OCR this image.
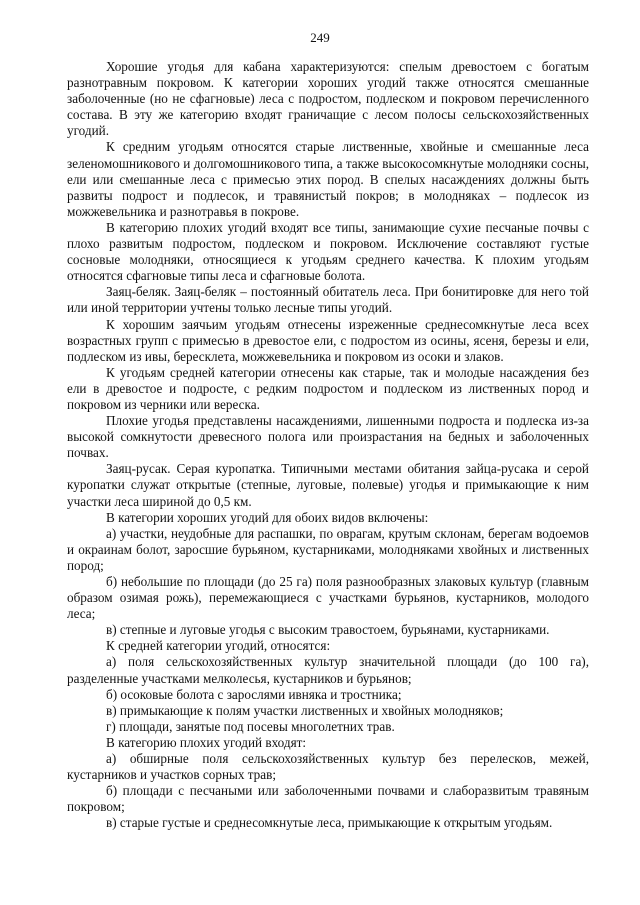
249

Хорошие угодья для кабана характеризуются: спелым древостоем с богатым разнотравным покровом. К категории хороших угодий также относятся смешанные заболоченные (но не сфагновые) леса с подростом, подлеском и покровом перечисленного состава. В эту же категорию входят граничащие с лесом полосы сельскохозяйственных угодий.

К средним угодьям относятся старые лиственные, хвойные и смешанные леса зеленомошникового и долгомошникового типа, а также высокосомкнутые молодняки сосны, ели или смешанные леса с примесью этих пород. В спелых насаждениях должны быть развиты подрост и подлесок, и травянистый покров; в молодняках – подлесок из можжевельника и разнотравья в покрове.

В категорию плохих угодий входят все типы, занимающие сухие песчаные почвы с плохо развитым подростом, подлеском и покровом. Исключение составляют густые сосновые молодняки, относящиеся к угодьям среднего качества. К плохим угодьям относятся сфагновые типы леса и сфагновые болота.

Заяц-беляк. Заяц-беляк – постоянный обитатель леса. При бонитировке для него той или иной территории учтены только лесные типы угодий.

К хорошим заячьим угодьям отнесены изреженные среднесомкнутые леса всех возрастных групп с примесью в древостое ели, с подростом из осины, ясеня, березы и ели, подлеском из ивы, бересклета, можжевельника и покровом из осоки и злаков.

К угодьям средней категории отнесены как старые, так и молодые насаждения без ели в древостое и подросте, с редким подростом и подлеском из лиственных пород и покровом из черники или вереска.

Плохие угодья представлены насаждениями, лишенными подроста и подлеска из-за высокой сомкнутости древесного полога или произрастания на бедных и заболоченных почвах.

Заяц-русак. Серая куропатка. Типичными местами обитания зайца-русака и серой куропатки служат открытые (степные, луговые, полевые) угодья и примыкающие к ним участки леса шириной до 0,5 км.

В категории хороших угодий для обоих видов включены:

а) участки, неудобные для распашки, по оврагам, крутым склонам, берегам водоемов и окраинам болот, заросшие бурьяном, кустарниками, молодняками хвойных и лиственных пород;

б) небольшие по площади (до 25 га) поля разнообразных злаковых культур (главным образом озимая рожь), перемежающиеся с участками бурьянов, кустарников, молодого леса;

в) степные и луговые угодья с высоким травостоем, бурьянами, кустарниками.

К средней категории угодий, относятся:

а) поля сельскохозяйственных культур значительной площади (до 100 га), разделенные участками мелколесья, кустарников и бурьянов;

б) осоковые болота с зарослями ивняка и тростника;

в) примыкающие к полям участки лиственных и хвойных молодняков;

г) площади, занятые под посевы многолетних трав.

В категорию плохих угодий входят:

а) обширные поля сельскохозяйственных культур без перелесков, межей, кустарников и участков сорных трав;

б) площади с песчаными или заболоченными почвами и слаборазвитым травяным покровом;

в) старые густые и среднесомкнутые леса, примыкающие к открытым угодьям.
